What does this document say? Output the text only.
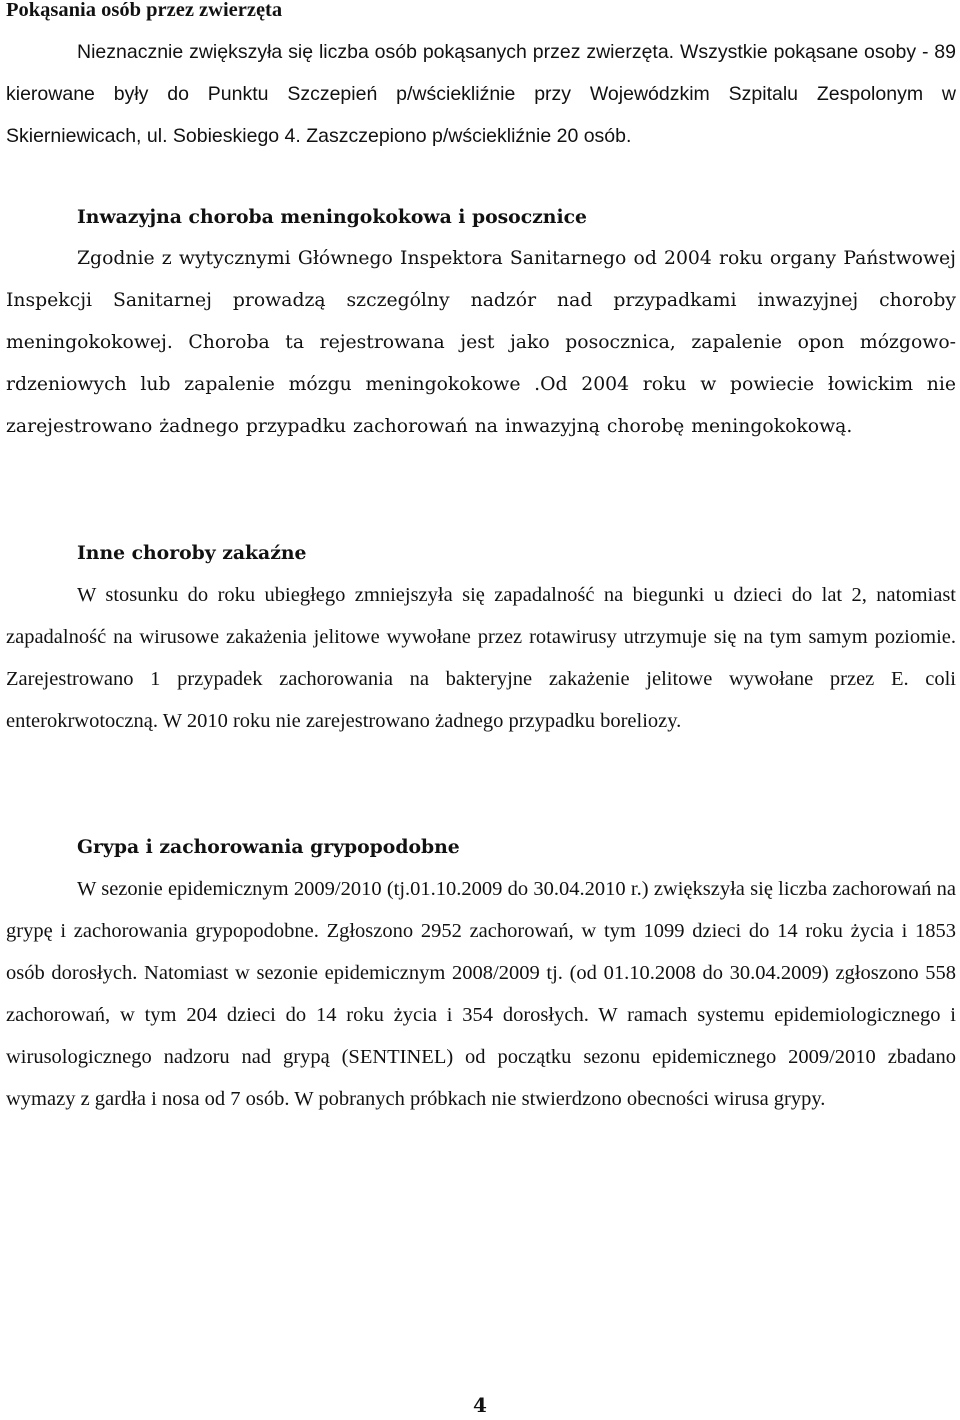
Pokąsania osób przez zwierzęta

Nieznacznie zwiększyła się liczba osób pokąsanych przez zwierzęta. Wszystkie pokąsane osoby - 89 kierowane były do Punktu Szczepień p/wściekliźnie przy Wojewódzkim Szpitalu Zespolonym w Skierniewicach, ul. Sobieskiego 4. Zaszczepiono p/wściekliźnie 20 osób.

Inwazyjna choroba meningokokowa i posocznice

Zgodnie z wytycznymi Głównego Inspektora Sanitarnego od 2004 roku organy Państwowej Inspekcji Sanitarnej prowadzą szczególny nadzór nad przypadkami inwazyjnej choroby meningokokowej. Choroba ta rejestrowana jest jako posocznica, zapalenie opon mózgowo- rdzeniowych lub zapalenie mózgu meningokokowe .Od 2004 roku w powiecie łowickim nie zarejestrowano żadnego przypadku zachorowań na inwazyjną chorobę meningokokową.

Inne choroby zakaźne

W stosunku do roku ubiegłego zmniejszyła się zapadalność na biegunki u dzieci do lat 2, natomiast zapadalność na wirusowe zakażenia jelitowe wywołane przez rotawirusy utrzymuje się na tym samym poziomie. Zarejestrowano 1 przypadek zachorowania na bakteryjne zakażenie jelitowe wywołane przez E. coli enterokrwotoczną. W 2010 roku nie zarejestrowano żadnego przypadku boreliozy.

Grypa i zachorowania grypopodobne

W sezonie epidemicznym 2009/2010 (tj.01.10.2009 do 30.04.2010 r.) zwiększyła się liczba zachorowań na grypę i zachorowania grypopodobne. Zgłoszono 2952 zachorowań, w tym 1099 dzieci do 14 roku życia i 1853 osób dorosłych. Natomiast w sezonie epidemicznym 2008/2009 tj. (od 01.10.2008 do 30.04.2009) zgłoszono 558 zachorowań, w tym 204 dzieci do 14 roku życia i 354 dorosłych. W ramach systemu epidemiologicznego i wirusologicznego nadzoru nad grypą (SENTINEL) od początku sezonu epidemicznego 2009/2010 zbadano wymazy z gardła i nosa od 7 osób. W pobranych próbkach nie stwierdzono obecności wirusa grypy.

4
